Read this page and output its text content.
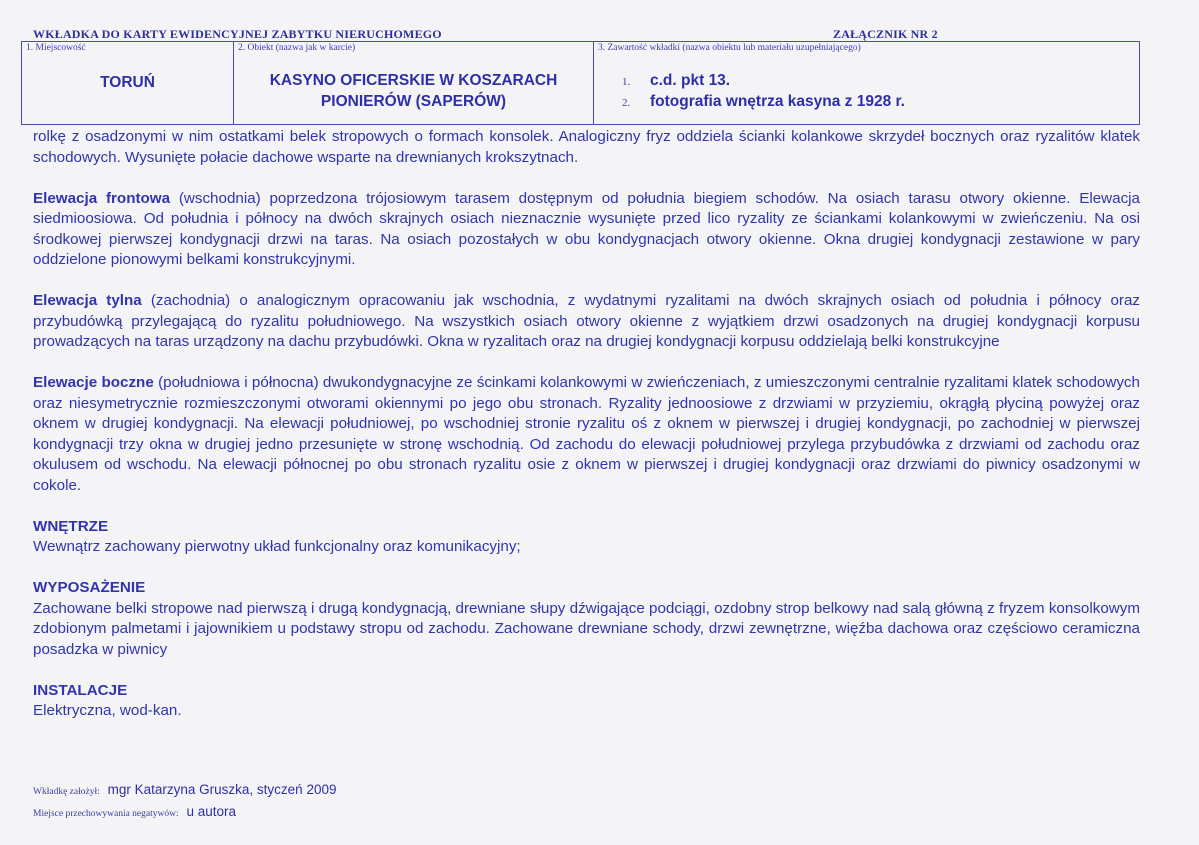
WKŁADKA DO KARTY EWIDENCYJNEJ ZABYTKU NIERUCHOMEGO	ZAŁĄCZNIK NR 2
1. Miejscowość
TORUŃ
2. Obiekt (nazwa jak w karcie)
KASYNO OFICERSKIE W KOSZARACH PIONIERÓW (SAPERÓW)
3. Zawartość wkładki (nazwa obiektu lub materiału uzupełniającego)
1. c.d. pkt 13.
2. fotografia wnętrza kasyna z 1928 r.

rolkę z osadzonymi w nim ostatkami belek stropowych o formach konsolek. Analogiczny fryz oddziela ścianki kolankowe skrzydeł bocznych oraz ryzalitów klatek schodowych. Wysunięte połacie dachowe wsparte na drewnianych krokszytnach.

Elewacja frontowa (wschodnia) poprzedzona trójosiowym tarasem dostępnym od południa biegiem schodów. Na osiach tarasu otwory okienne. Elewacja siedmioosiowa. Od południa i północy na dwóch skrajnych osiach nieznacznie wysunięte przed lico ryzality ze ściankami kolankowymi w zwieńczeniu. Na osi środkowej pierwszej kondygnacji drzwi na taras. Na osiach pozostałych w obu kondygnacjach otwory okienne. Okna drugiej kondygnacji zestawione w pary oddzielone pionowymi belkami konstrukcyjnymi.

Elewacja tylna (zachodnia) o analogicznym opracowaniu jak wschodnia, z wydatnymi ryzalitami na dwóch skrajnych osiach od południa i północy oraz przybudówką przylegającą do ryzalitu południowego. Na wszystkich osiach otwory okienne z wyjątkiem drzwi osadzonych na drugiej kondygnacji korpusu prowadzących na taras urządzony na dachu przybudówki. Okna w ryzalitach oraz na drugiej kondygnacji korpusu oddzielają belki konstrukcyjne

Elewacje boczne (południowa i północna) dwukondygnacyjne ze ścinkami kolankowymi w zwieńczeniach, z umieszczonymi centralnie ryzalitami klatek schodowych oraz niesymetrycznie rozmieszczonymi otworami okiennymi po jego obu stronach. Ryzality jednoosiowe z drzwiami w przyziemiu, okrągłą płyciną powyżej oraz oknem w drugiej kondygnacji. Na elewacji południowej, po wschodniej stronie ryzalitu oś z oknem w pierwszej i drugiej kondygnacji, po zachodniej w pierwszej kondygnacji trzy okna w drugiej jedno przesunięte w stronę wschodnią. Od zachodu do elewacji południowej przylega przybudówka z drzwiami od zachodu oraz okulusem od wschodu. Na elewacji północnej po obu stronach ryzalitu osie z oknem w pierwszej i drugiej kondygnacji oraz drzwiami do piwnicy osadzonymi w cokole.

WNĘTRZE
Wewnątrz zachowany pierwotny układ funkcjonalny oraz komunikacyjny;

WYPOSAŻENIE
Zachowane belki stropowe nad pierwszą i drugą kondygnacją, drewniane słupy dźwigające podciągi, ozdobny strop belkowy nad salą główną z fryzem konsolkowym zdobionym palmetami i jajownikiem u podstawy stropu od zachodu. Zachowane drewniane schody, drzwi zewnętrzne, więźba dachowa oraz częściowo ceramiczna posadzka w piwnicy

INSTALACJE
Elektryczna, wod-kan.

Wkładkę założył: mgr Katarzyna Gruszka, styczeń 2009
Miejsce przechowywania negatywów: u autora
